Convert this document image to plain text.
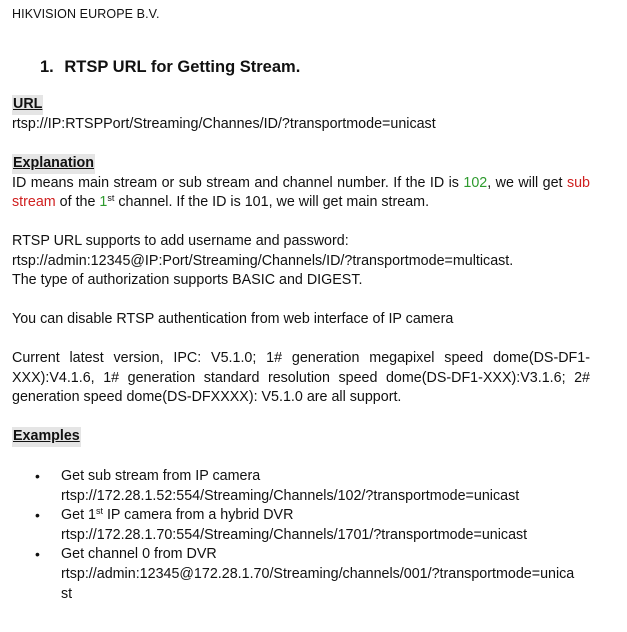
HIKVISION EUROPE B.V.
1. RTSP URL for Getting Stream.
URL
rtsp://IP:RTSPPort/Streaming/Channes/ID/?transportmode=unicast
Explanation
ID means main stream or sub stream and channel number. If the ID is 102, we will get sub stream of the 1st channel. If the ID is 101, we will get main stream.
RTSP URL supports to add username and password:
rtsp://admin:12345@IP:Port/Streaming/Channels/ID/?transportmode=multicast.
The type of authorization supports BASIC and DIGEST.
You can disable RTSP authentication from web interface of IP camera
Current latest version, IPC: V5.1.0; 1# generation megapixel speed dome(DS-DF1-XXX):V4.1.6, 1# generation standard resolution speed dome(DS-DF1-XXX):V3.1.6; 2# generation speed dome(DS-DFXXXX): V5.1.0 are all support.
Examples
• Get sub stream from IP camera
rtsp://172.28.1.52:554/Streaming/Channels/102/?transportmode=unicast
• Get 1st IP camera from a hybrid DVR
rtsp://172.28.1.70:554/Streaming/Channels/1701/?transportmode=unicast
• Get channel 0 from DVR
rtsp://admin:12345@172.28.1.70/Streaming/channels/001/?transportmode=unicast
